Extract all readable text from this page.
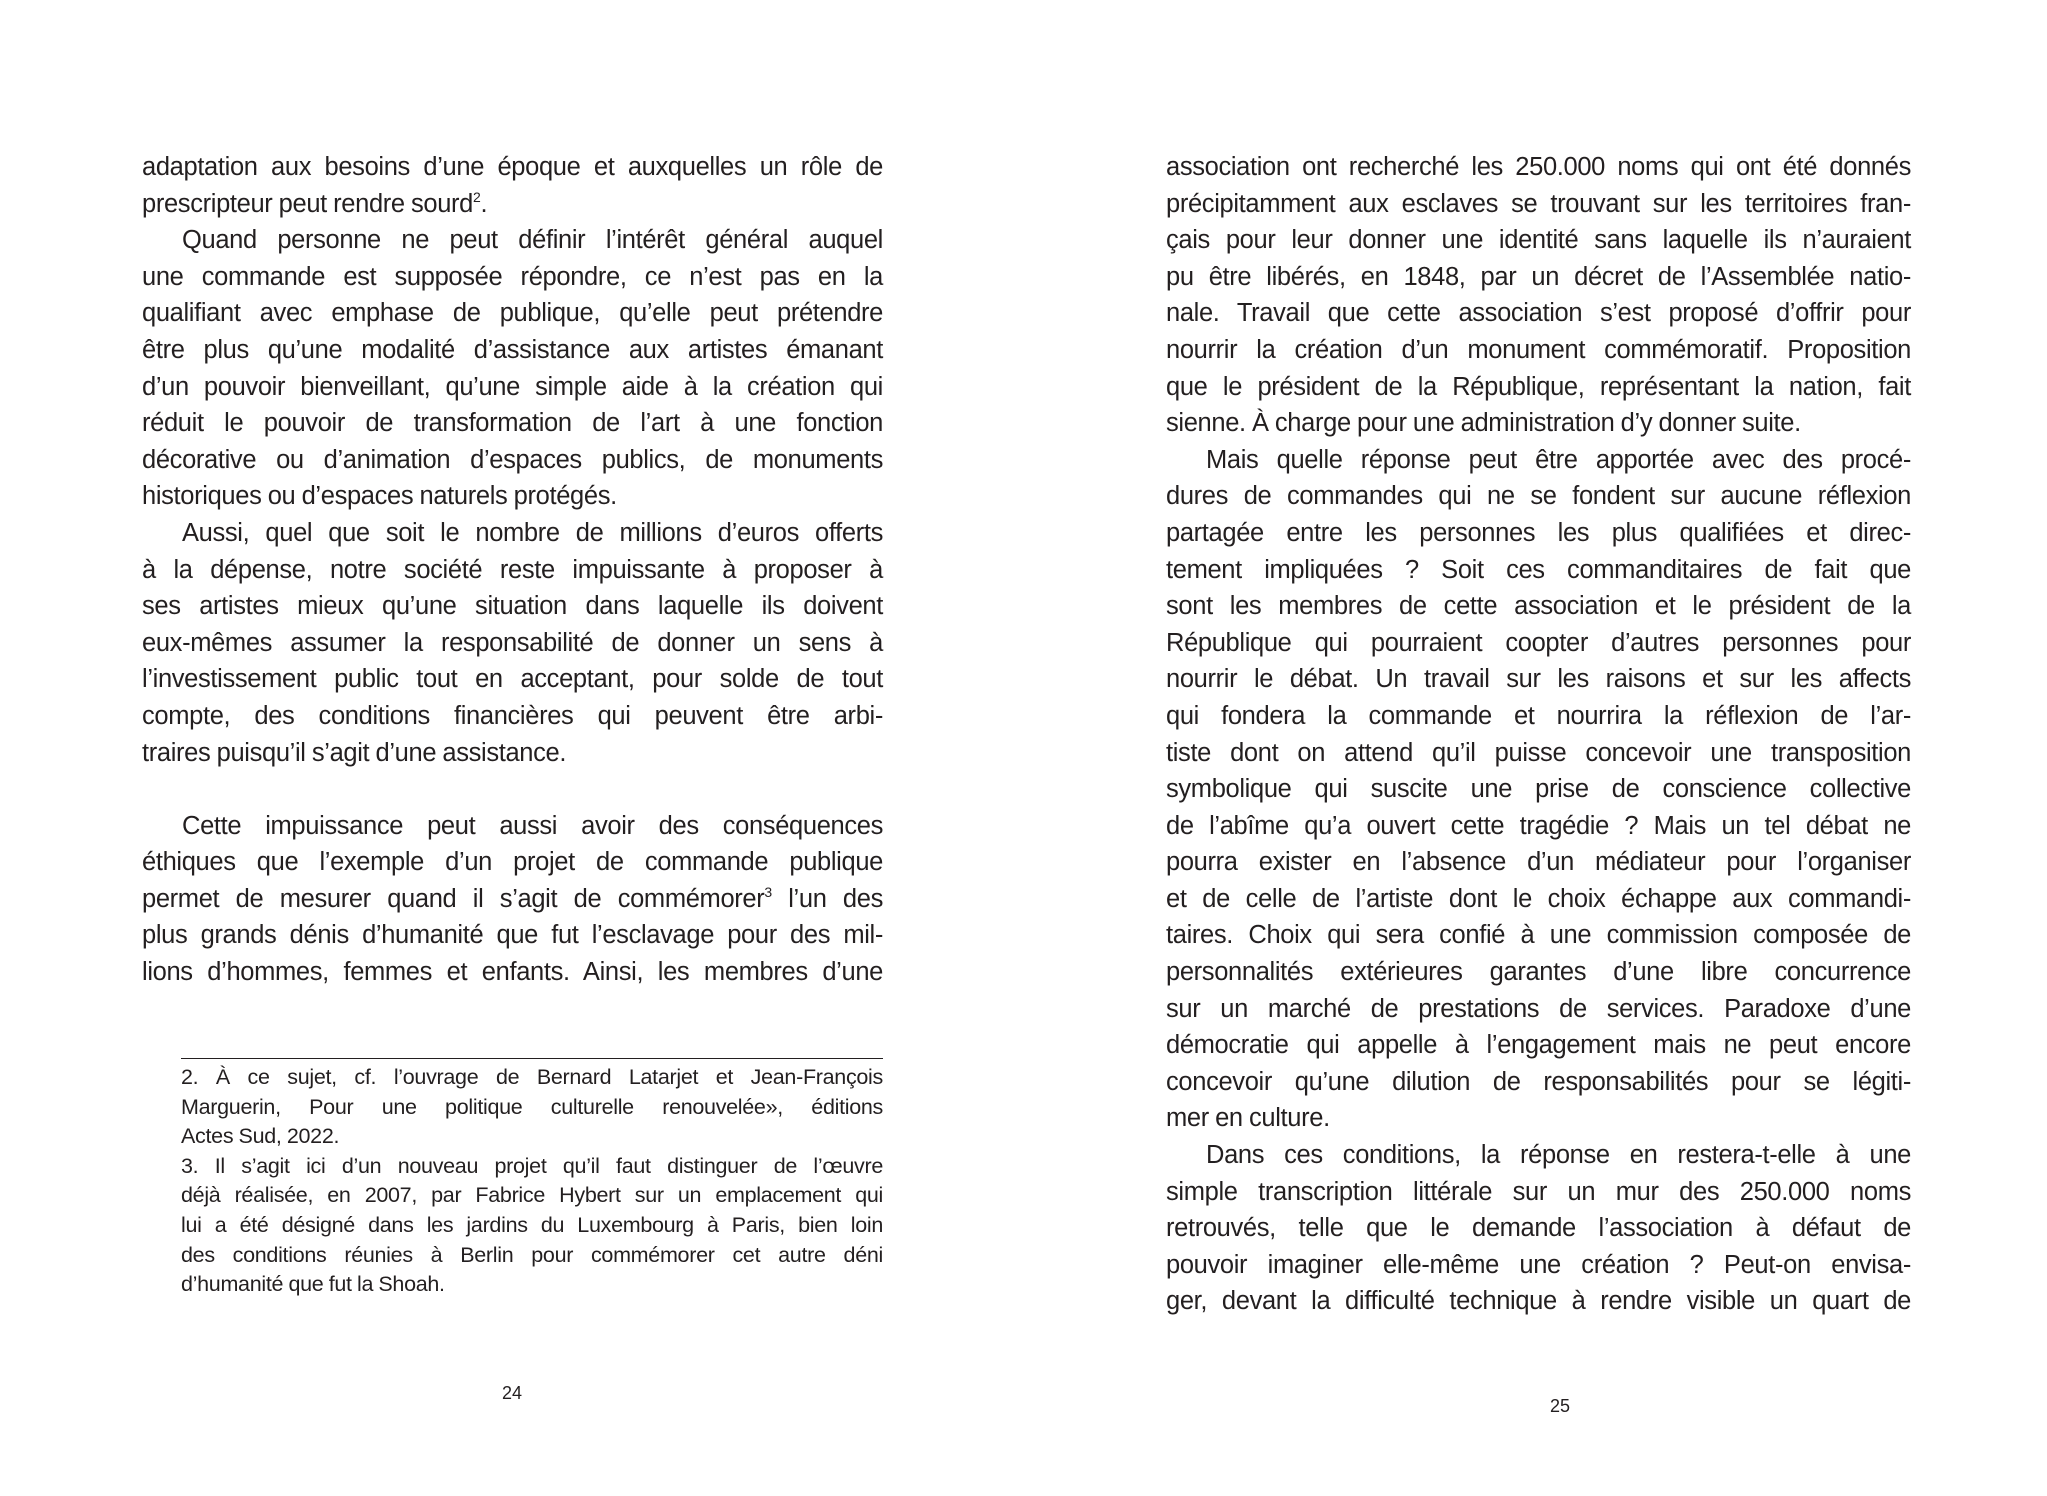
adaptation aux besoins d’une époque et auxquelles un rôle de
prescripteur peut rendre sourd$^2$.
Quand personne ne peut définir l’intérêt général auquel
une commande est supposée répondre, ce n’est pas en la
qualifiant avec emphase de publique, qu’elle peut prétendre
être plus qu’une modalité d’assistance aux artistes émanant
d’un pouvoir bienveillant, qu’une simple aide à la création qui
réduit le pouvoir de transformation de l’art à une fonction
décorative ou d’animation d’espaces publics, de monuments
historiques ou d’espaces naturels protégés.
Aussi, quel que soit le nombre de millions d’euros offerts
à la dépense, notre société reste impuissante à proposer à
ses artistes mieux qu’une situation dans laquelle ils doivent
eux-mêmes assumer la responsabilité de donner un sens à
l’investissement public tout en acceptant, pour solde de tout
compte, des conditions financières qui peuvent être arbi-
traires puisqu’il s’agit d’une assistance.
Cette impuissance peut aussi avoir des conséquences
éthiques que l’exemple d’un projet de commande publique
permet de mesurer quand il s’agit de commémorer$^3$ l’un des
plus grands dénis d’humanité que fut l’esclavage pour des mil-
lions d’hommes, femmes et enfants. Ainsi, les membres d’une
2. À ce sujet, cf. l’ouvrage de Bernard Latarjet et Jean-François
Marguerin, Pour une politique culturelle renouvelée», éditions
Actes Sud, 2022.
3. Il s’agit ici d’un nouveau projet qu’il faut distinguer de l’œuvre
déjà réalisée, en 2007, par Fabrice Hybert sur un emplacement qui
lui a été désigné dans les jardins du Luxembourg à Paris, bien loin
des conditions réunies à Berlin pour commémorer cet autre déni
d’humanité que fut la Shoah.
24
association ont recherché les 250.000 noms qui ont été donnés
précipitamment aux esclaves se trouvant sur les territoires fran-
çais pour leur donner une identité sans laquelle ils n’auraient
pu être libérés, en 1848, par un décret de l’Assemblée natio-
nale. Travail que cette association s’est proposé d’offrir pour
nourrir la création d’un monument commémoratif. Proposition
que le président de la République, représentant la nation, fait
sienne. À charge pour une administration d’y donner suite.
Mais quelle réponse peut être apportée avec des procé-
dures de commandes qui ne se fondent sur aucune réflexion
partagée entre les personnes les plus qualifiées et direc-
tement impliquées ? Soit ces commanditaires de fait que
sont les membres de cette association et le président de la
République qui pourraient coopter d’autres personnes pour
nourrir le débat. Un travail sur les raisons et sur les affects
qui fondera la commande et nourrira la réflexion de l’ar-
tiste dont on attend qu’il puisse concevoir une transposition
symbolique qui suscite une prise de conscience collective
de l’abîme qu’a ouvert cette tragédie ? Mais un tel débat ne
pourra exister en l’absence d’un médiateur pour l’organiser
et de celle de l’artiste dont le choix échappe aux commandi-
taires. Choix qui sera confié à une commission composée de
personnalités extérieures garantes d’une libre concurrence
sur un marché de prestations de services. Paradoxe d’une
démocratie qui appelle à l’engagement mais ne peut encore
concevoir qu’une dilution de responsabilités pour se légiti-
mer en culture.
Dans ces conditions, la réponse en restera-t-elle à une
simple transcription littérale sur un mur des 250.000 noms
retrouvés, telle que le demande l’association à défaut de
pouvoir imaginer elle-même une création ? Peut-on envisa-
ger, devant la difficulté technique à rendre visible un quart de
25
